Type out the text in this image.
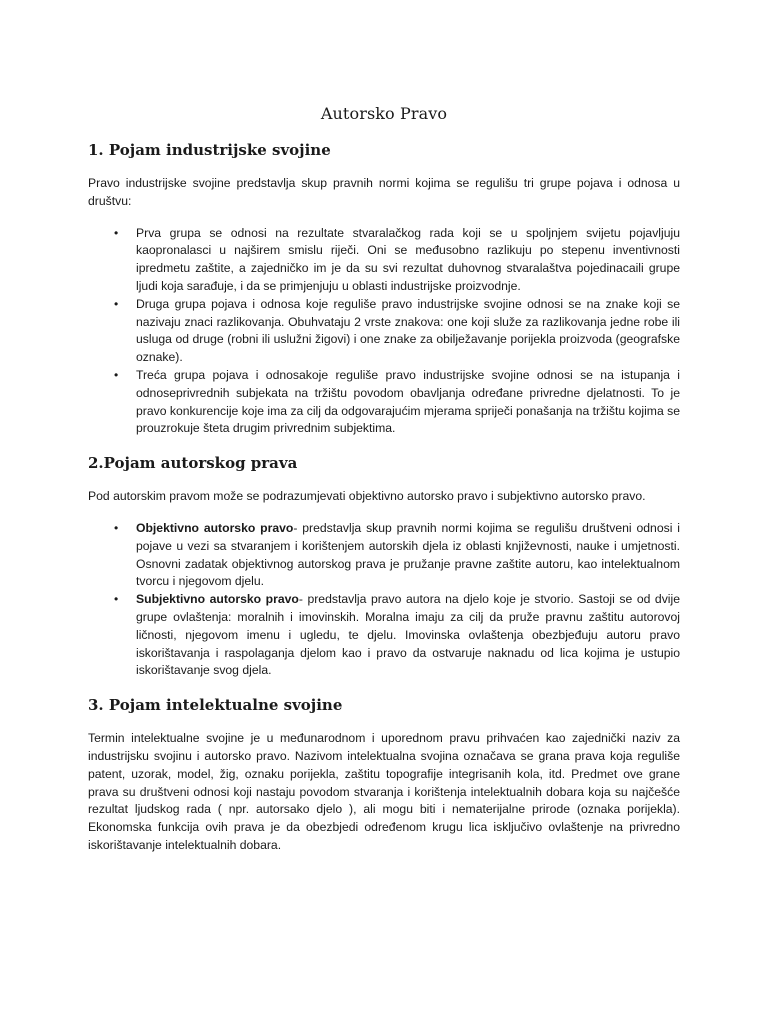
Autorsko Pravo
1. Pojam industrijske svojine

Pravo industrijske svojine predstavlja skup pravnih normi kojima se regulišu tri grupe pojava i odnosa u društvu:

• Prva grupa se odnosi na rezultate stvaralačkog rada koji se u spoljnjem svijetu pojavljuju kaopronalasci u najširem smislu riječi. Oni se međusobno razlikuju po stepenu inventivnosti ipredmetu zaštite, a zajedničko im je da su svi rezultat duhovnog stvaralaštva pojedinacaili grupe ljudi koja sarađuje, i da se primjenjuju u oblasti industrijske proizvodnje.
• Druga grupa pojava i odnosa koje reguliše pravo industrijske svojine odnosi se na znake koji se nazivaju znaci razlikovanja. Obuhvataju 2 vrste znakova: one koji služe za razlikovanja jedne robe ili usluga od druge (robni ili uslužni žigovi) i one znake za obilježavanje porijekla proizvoda (geografske oznake).
• Treća grupa pojava i odnosakoje reguliše pravo industrijske svojine odnosi se na istupanja i odnoseprivrednih subjekata na tržištu povodom obavljanja određane privredne djelatnosti. To je pravo konkurencije koje ima za cilj da odgovarajućim mjerama spriječi ponašanja na tržištu kojima se prouzrokuje šteta drugim privrednim subjektima.
2.Pojam autorskog prava

Pod autorskim pravom može se podrazumjevati objektivno autorsko pravo i subjektivno autorsko pravo.

• Objektivno autorsko pravo- predstavlja skup pravnih normi kojima se regulišu društveni odnosi i pojave u vezi sa stvaranjem i korištenjem autorskih djela iz oblasti književnosti, nauke i umjetnosti. Osnovni zadatak objektivnog autorskog prava je pružanje pravne zaštite autoru, kao intelektualnom tvorcu i njegovom djelu.
• Subjektivno autorsko pravo- predstavlja pravo autora na djelo koje je stvorio. Sastoji se od dvije grupe ovlaštenja: moralnih i imovinskih. Moralna imaju za cilj da pruže pravnu zaštitu autorovoj ličnosti, njegovom imenu i ugledu, te djelu. Imovinska ovlaštenja obezbjeđuju autoru pravo iskorištavanja i raspolaganja djelom kao i pravo da ostvaruje naknadu od lica kojima je ustupio iskorištavanje svog djela.
3. Pojam intelektualne svojine

Termin intelektualne svojine je u međunarodnom i uporednom pravu prihvaćen kao zajednički naziv za industrijsku svojinu i autorsko pravo. Nazivom intelektualna svojina označava se grana prava koja reguliše patent, uzorak, model, žig, oznaku porijekla, zaštitu topografije integrisanih kola, itd. Predmet ove grane prava su društveni odnosi koji nastaju povodom stvaranja i korištenja intelektualnih dobara koja su najčešće rezultat ljudskog rada ( npr. autorsako djelo ), ali mogu biti i nematerijalne prirode (oznaka porijekla). Ekonomska funkcija ovih prava je da obezbjedi određenom krugu lica isključivo ovlaštenje na privredno iskorištavanje intelektualnih dobara.
